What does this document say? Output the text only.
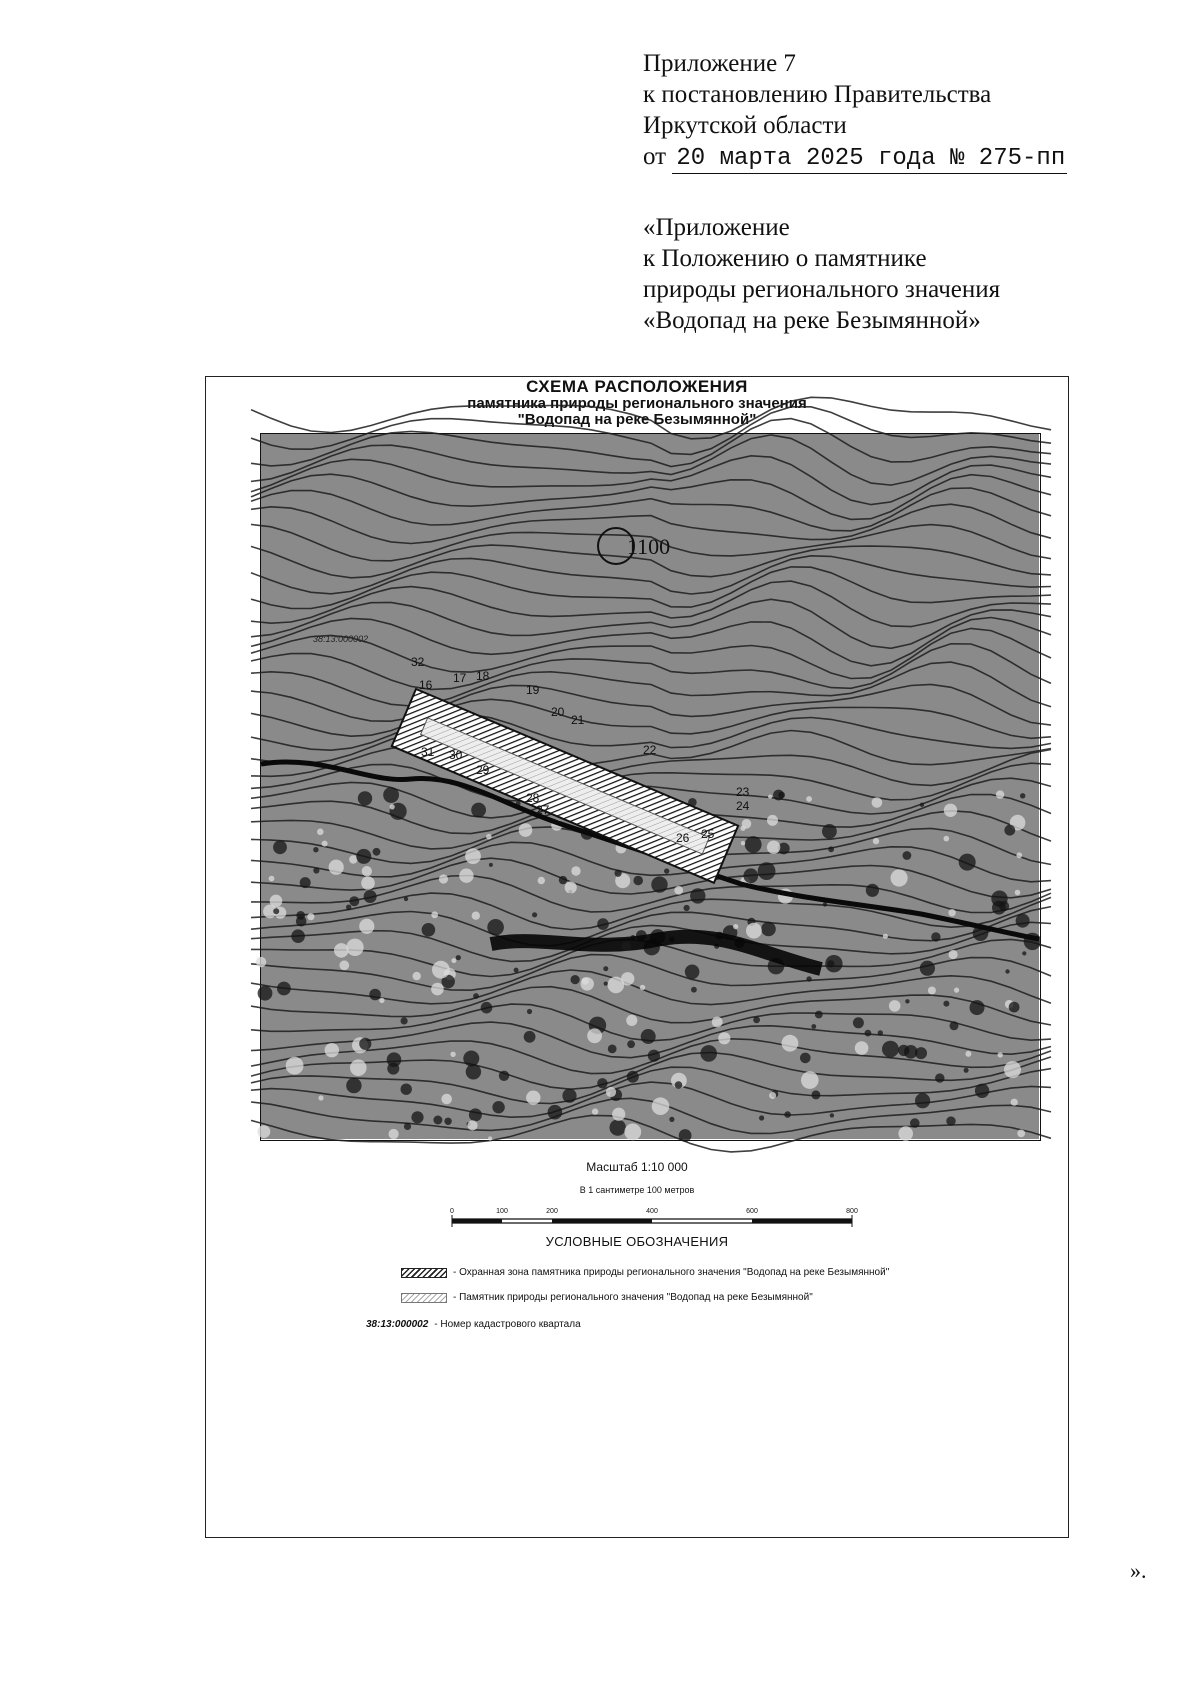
Приложение 7
к постановлению Правительства
Иркутской области
от 20 марта 2025 года № 275-пп
«Приложение
к Положению о памятнике
природы регионального значения
«Водопад на реке Безымянной»
СХЕМА РАСПОЛОЖЕНИЯ
памятника природы регионального значения
"Водопад на реке Безымянной"
1100
38:13:000002
32
16 17 18
19
20
21
22
23
24
25
26
27
28
29
30
31
Масштаб 1:10 000
В 1 сантиметре 100 метров
0	100	200	400	600	800
УСЛОВНЫЕ ОБОЗНАЧЕНИЯ
- Охранная зона памятника природы регионального значения "Водопад на реке Безымянной"
- Памятник природы регионального значения "Водопад на реке Безымянной"
38:13:000002 - Номер кадастрового квартала
».
